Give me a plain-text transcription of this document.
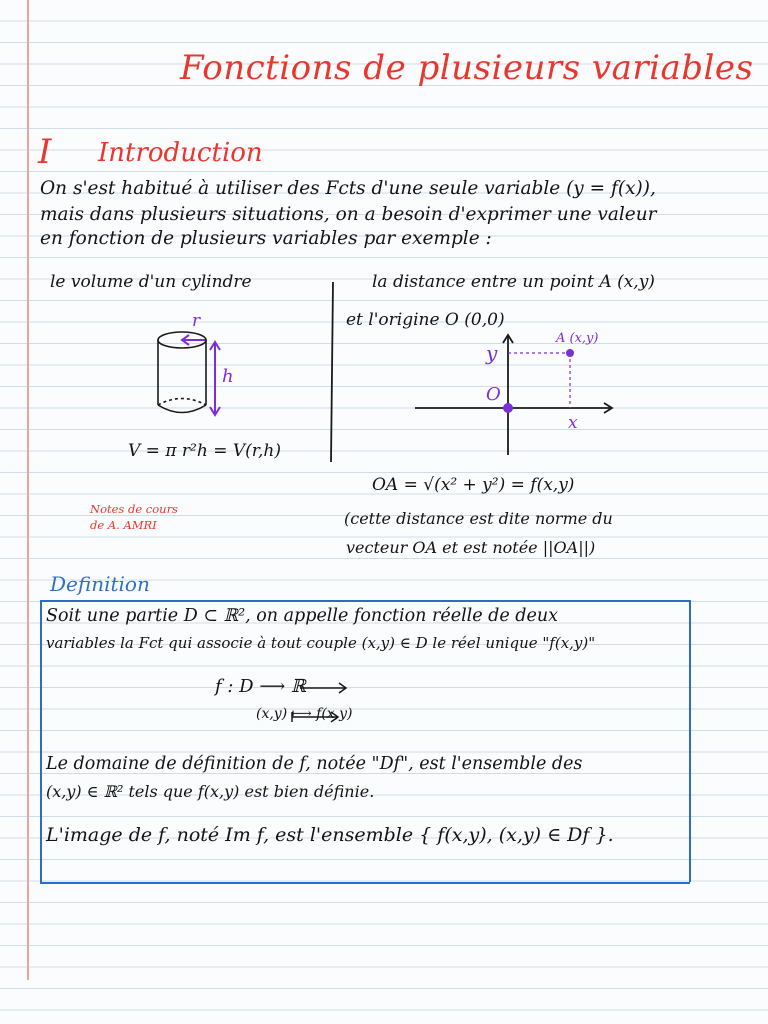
Fonctions de plusieurs variables
I Introduction
On s'est habitué à utiliser des Fcts d'une seule variable (y = f(x)),
mais dans plusieurs situations, on a besoin d'exprimer une valeur
en fonction de plusieurs variables par exemple :
le volume d'un cylindre	la distance entre un point A (x,y)
et l'origine O (0,0)
r
h
V = π r²h = V(r,h)
A (x,y)
y
O
x
OA = √(x² + y²) = f(x,y)
(cette distance est dite norme du
vecteur OA et est notée ||OA||)
Notes de cours
de A. AMRI
Definition
Soit une partie D ⊂ ℝ², on appelle fonction réelle de deux
variables la Fct qui associe à tout couple (x,y) ∈ D le réel unique "f(x,y)"
f : D ⟶ ℝ
(x,y) ⟼ f(x,y)
Le domaine de définition de f, notée "Df", est l'ensemble des
(x,y) ∈ ℝ² tels que f(x,y) est bien définie.
L'image de f, noté Im f, est l'ensemble { f(x,y), (x,y) ∈ Df }.
